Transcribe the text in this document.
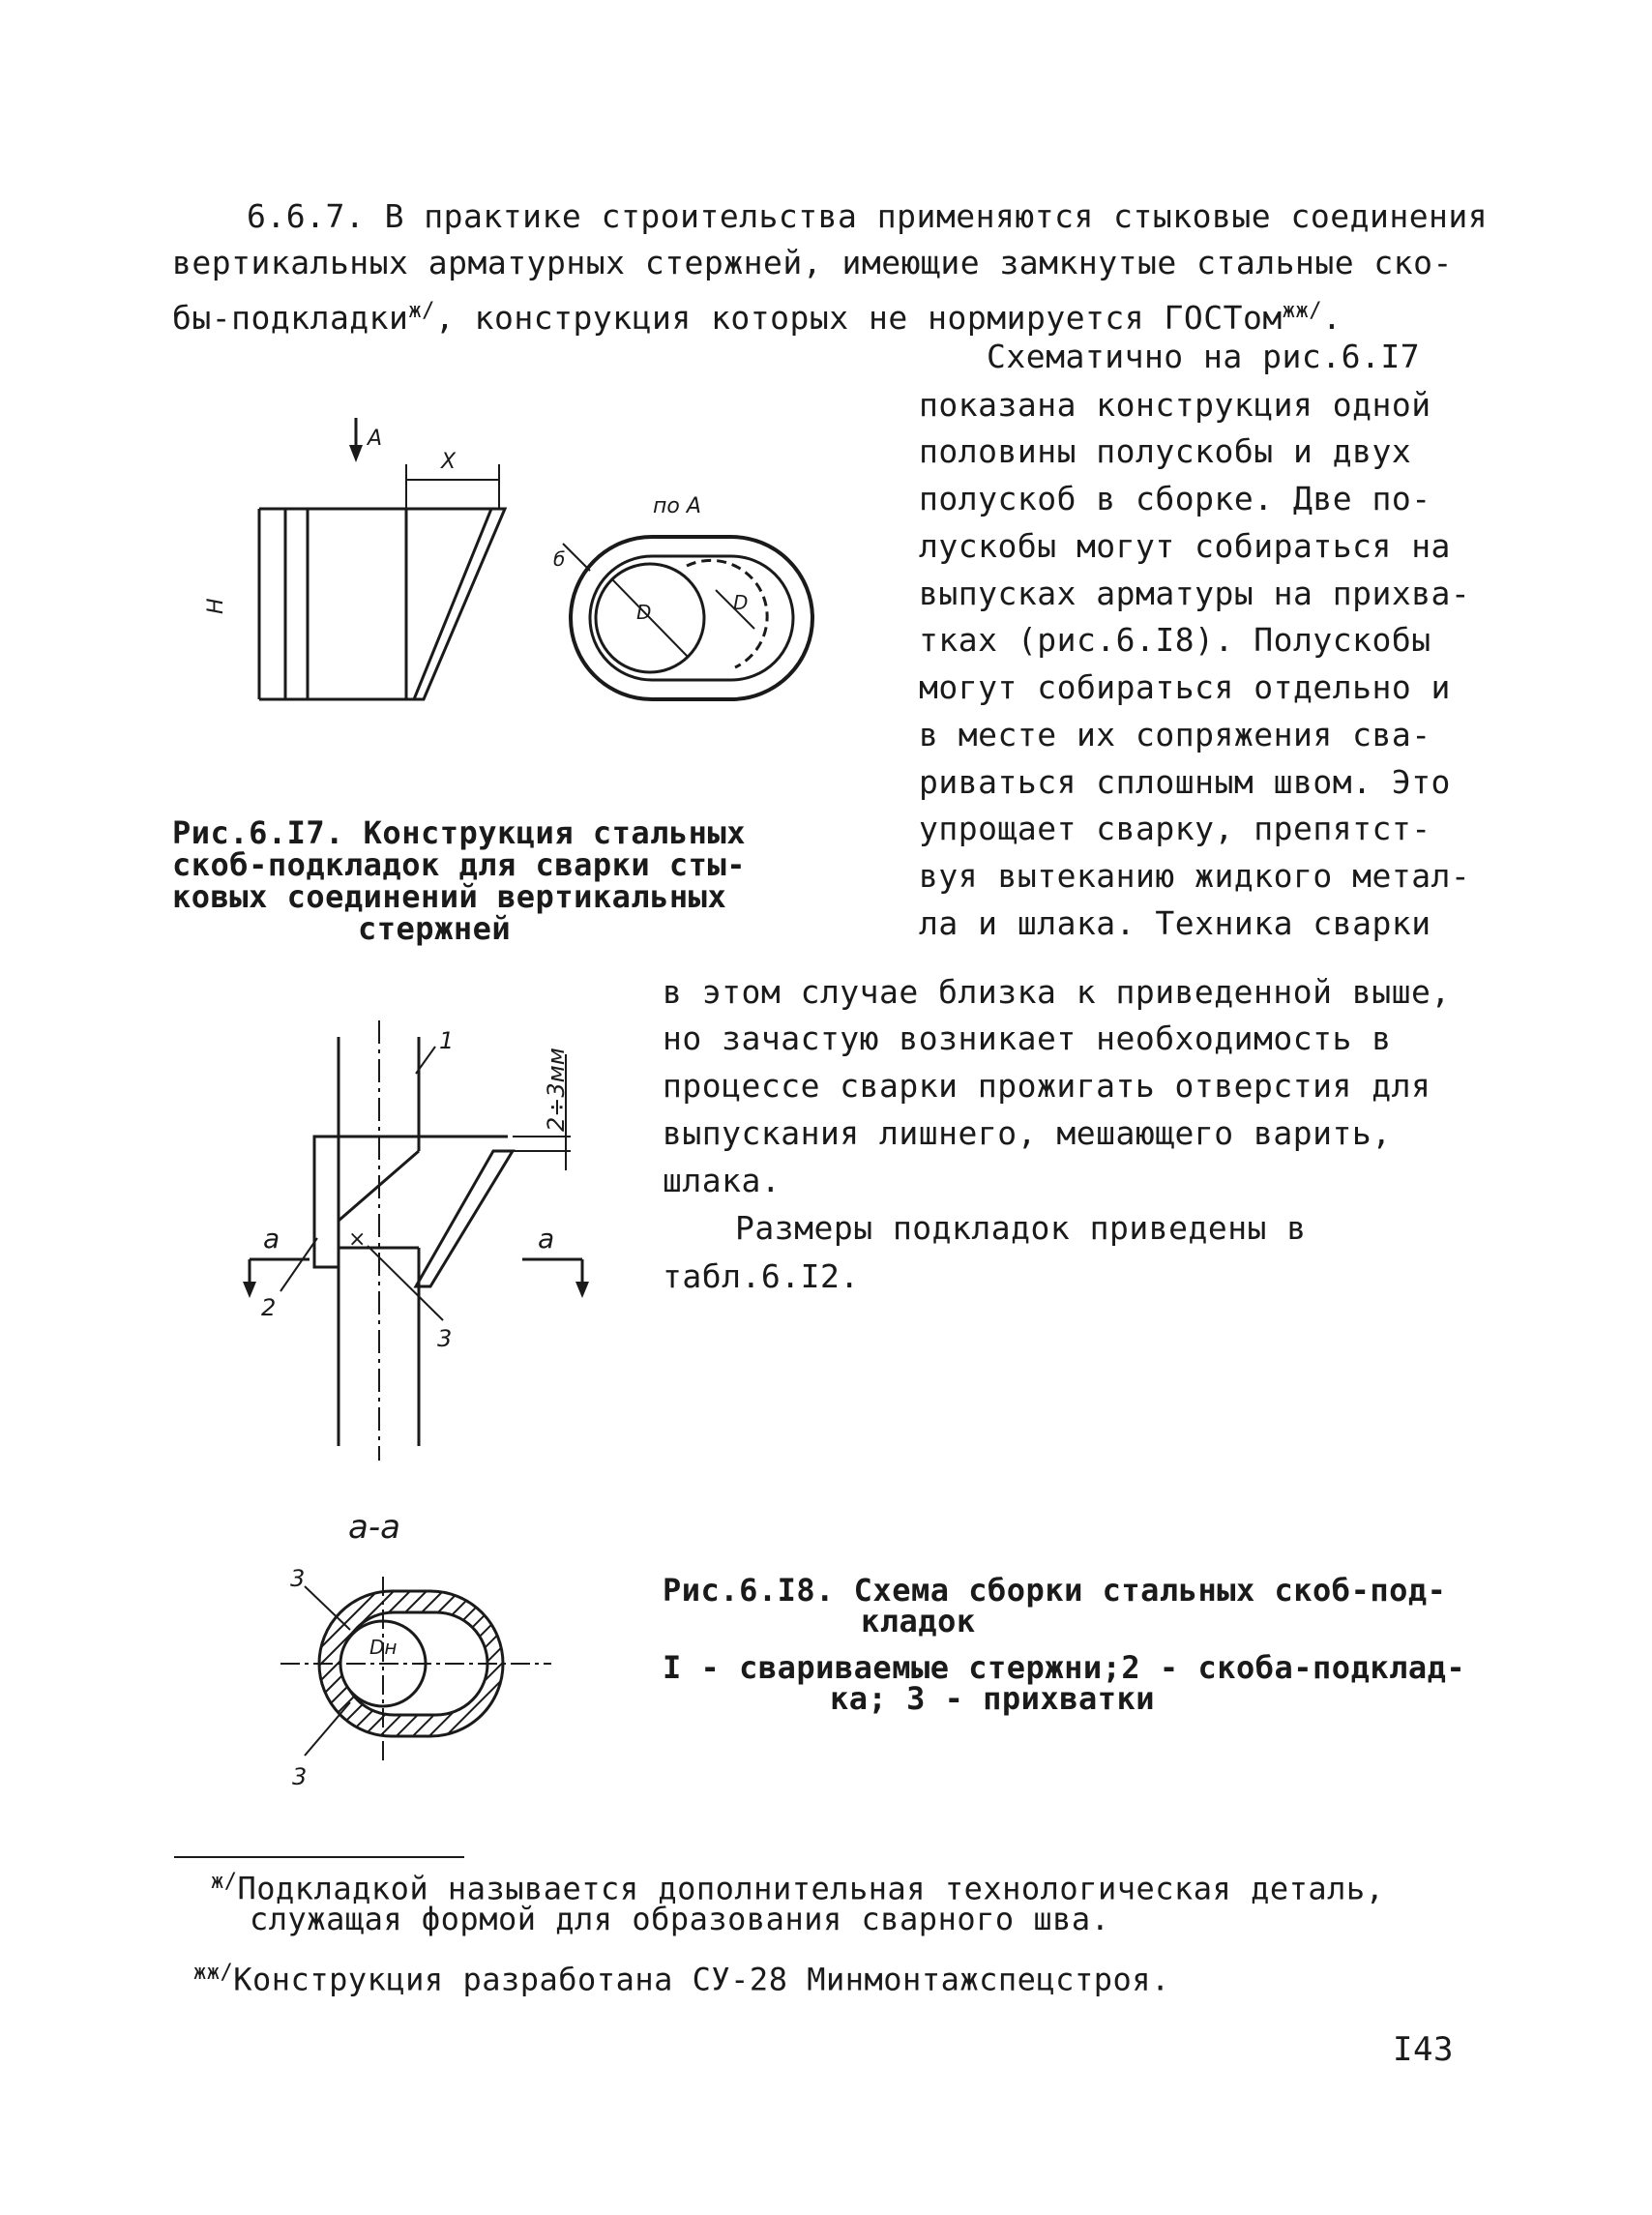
6.6.7. В практике строительства применяются стыковые соединения
вертикальных арматурных стержней, имеющие замкнутые стальные ско-
бы-подкладки$^{ж/}$, конструкция которых не нормируется ГОСТом$^{жж/}$.
Схематично на рис.6.I7
показана конструкция одной
половины полускобы и двух
полускоб в сборке. Две по-
лускобы могут собираться на
выпусках арматуры на прихва-
тках (рис.6.I8). Полускобы
могут собираться отдельно и
в месте их сопряжения сва-
риваться сплошным швом. Это
упрощает сварку, препятст-
вуя вытеканию жидкого метал-
ла и шлака. Техника сварки
в этом случае близка к приведенной выше,
но зачастую возникает необходимость в
процессе сварки прожигать отверстия для
выпускания лишнего, мешающего варить,
шлака.
Размеры подкладок приведены в
табл.6.I2.
А
X
H
по А
б
D	D
Рис.6.I7. Конструкция стальных
скоб-подкладок для сварки сты-
ковых соединений вертикальных
стержней
×
1
2
3
2÷3мм
а	а
а-а
Dн
3
3
Рис.6.I8. Схема сборки стальных скоб-под-
кладок
I - свариваемые стержни;2 - скоба-подклад-
ка; 3 - прихватки
$^{ж/}$Подкладкой называется дополнительная технологическая деталь,
служащая формой для образования сварного шва.
$^{жж/}$Конструкция разработана СУ-28 Минмонтажспецстроя.
I43
